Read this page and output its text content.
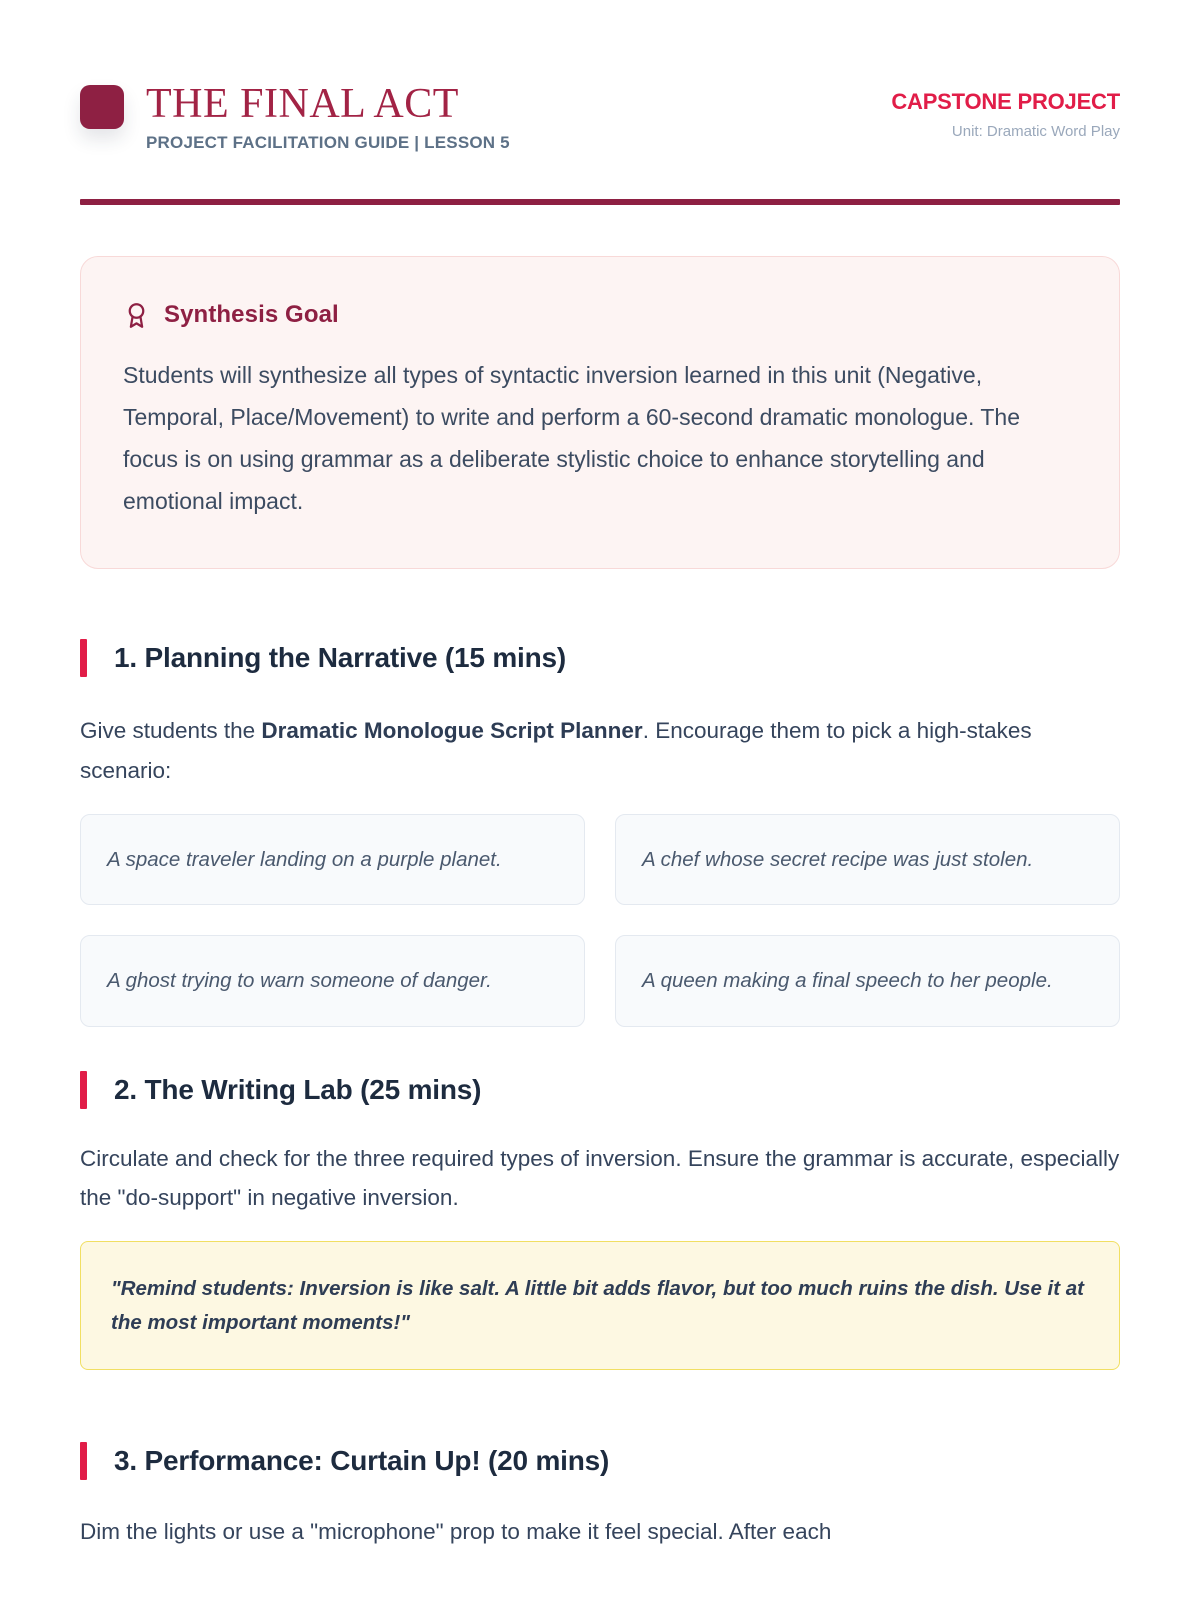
THE FINAL ACT
PROJECT FACILITATION GUIDE | LESSON 5
CAPSTONE PROJECT
Unit: Dramatic Word Play
Synthesis Goal
Students will synthesize all types of syntactic inversion learned in this unit (Negative, Temporal, Place/Movement) to write and perform a 60-second dramatic monologue. The focus is on using grammar as a deliberate stylistic choice to enhance storytelling and emotional impact.
1. Planning the Narrative (15 mins)
Give students the Dramatic Monologue Script Planner. Encourage them to pick a high-stakes scenario:
A space traveler landing on a purple planet.	A chef whose secret recipe was just stolen.
A ghost trying to warn someone of danger.	A queen making a final speech to her people.
2. The Writing Lab (25 mins)
Circulate and check for the three required types of inversion. Ensure the grammar is accurate, especially the "do-support" in negative inversion.
"Remind students: Inversion is like salt. A little bit adds flavor, but too much ruins the dish. Use it at the most important moments!"
3. Performance: Curtain Up! (20 mins)
Dim the lights or use a "microphone" prop to make it feel special. After each
